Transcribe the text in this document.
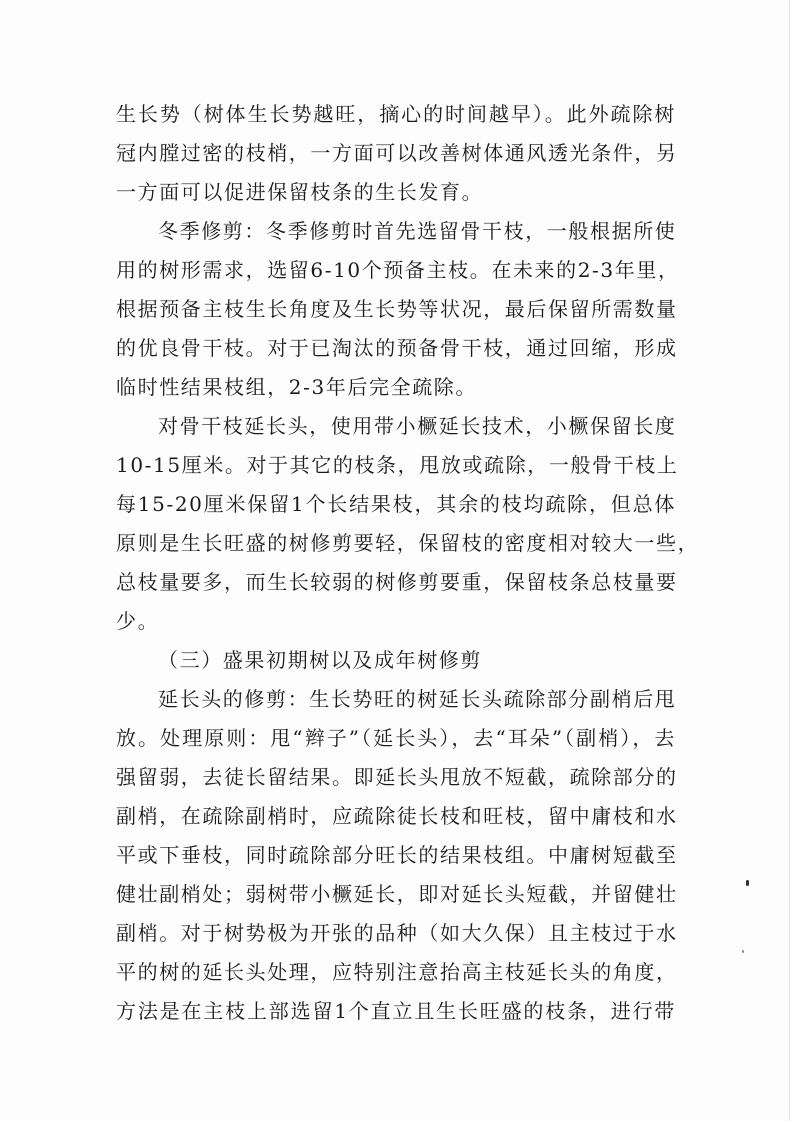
生长势（树体生长势越旺，摘心的时间越早）。此外疏除树
冠内膛过密的枝梢，一方面可以改善树体通风透光条件，另
一方面可以促进保留枝条的生长发育。
冬季修剪：冬季修剪时首先选留骨干枝，一般根据所使
用的树形需求，选留6-10个预备主枝。在未来的2-3年里，
根据预备主枝生长角度及生长势等状况，最后保留所需数量
的优良骨干枝。对于已淘汰的预备骨干枝，通过回缩，形成
临时性结果枝组，2-3年后完全疏除。
对骨干枝延长头，使用带小橛延长技术，小橛保留长度
10-15厘米。对于其它的枝条，甩放或疏除，一般骨干枝上
每15-20厘米保留1个长结果枝，其余的枝均疏除，但总体
原则是生长旺盛的树修剪要轻，保留枝的密度相对较大一些，
总枝量要多，而生长较弱的树修剪要重，保留枝条总枝量要
少。
（三）盛果初期树以及成年树修剪
延长头的修剪：生长势旺的树延长头疏除部分副梢后甩
放。处理原则：甩“辫子”（延长头），去“耳朵”（副梢），去
强留弱，去徒长留结果。即延长头甩放不短截，疏除部分的
副梢，在疏除副梢时，应疏除徒长枝和旺枝，留中庸枝和水
平或下垂枝，同时疏除部分旺长的结果枝组。中庸树短截至
健壮副梢处；弱树带小橛延长，即对延长头短截，并留健壮
副梢。对于树势极为开张的品种（如大久保）且主枝过于水
平的树的延长头处理，应特别注意抬高主枝延长头的角度，
方法是在主枝上部选留1个直立且生长旺盛的枝条，进行带
